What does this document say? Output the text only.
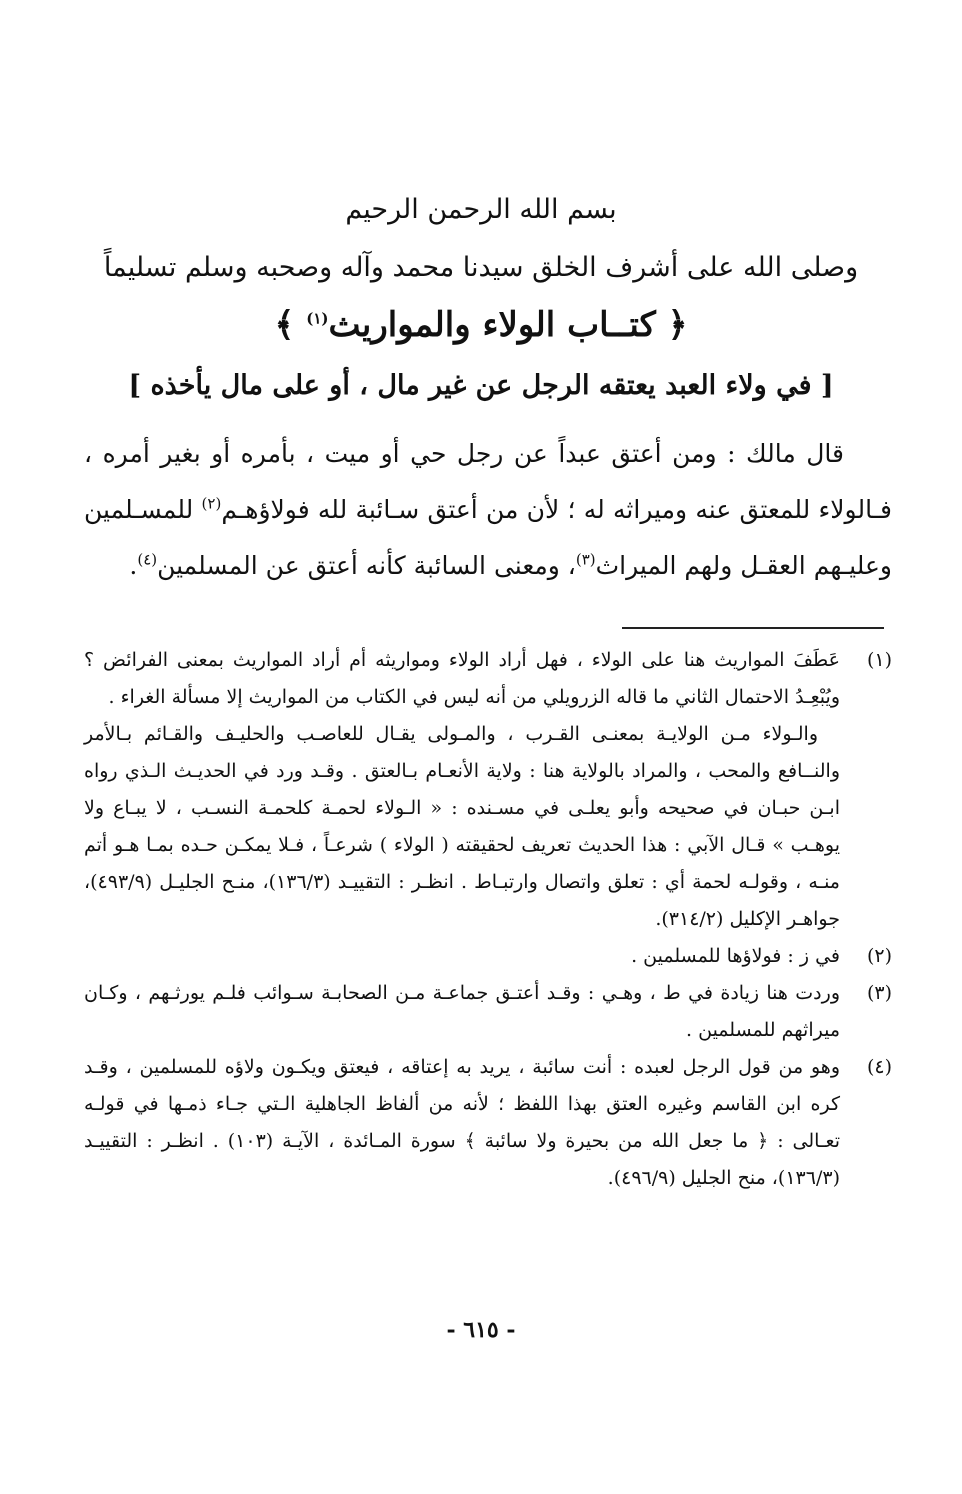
بسم الله الرحمن الرحيم
وصلى الله على أشرف الخلق سيدنا محمد وآله وصحبه وسلم تسليماً
﴿ كتــاب الولاء والمواريث$^{(١)}$ ﴾
[ في ولاء العبد يعتقه الرجل عن غير مال ، أو على مال يأخذه ]

قال مالك : ومن أعتق عبداً عن رجل حي أو ميت ، بأمره أو بغير أمره ، فـالولاء للمعتق عنه وميراثه له ؛ لأن من أعتق سـائبة لله فولاؤهـم$^{(٢)}$ للمسـلمين وعليـهم العقـل ولهم الميراث$^{(٣)}$، ومعنى السائبة كأنه أعتق عن المسلمين$^{(٤)}$.

(١)
عَطَفَ المواريث هنا على الولاء ، فهل أراد الولاء ومواريثه أم أراد المواريث بمعنى الفرائض ؟ ويُبْعِـدُ الاحتمال الثاني ما قاله الزرويلي من أنه ليس في الكتاب من المواريث إلا مسألة الغراء .

والـولاء مـن الولايـة بمعنـى القـرب ، والمـولى يقـال للعاصـب والحليـف والقـائم بـالأمر والنــافع والمحب ، والمراد بالولاية هنا : ولاية الأنعـام بـالعتق . وقـد ورد في الحديـث الـذي رواه ابـن حبـان في صحيحه وأبو يعلـى في مسـنده : « الـولاء لحمـة كلحمـة النسـب ، لا يبـاع ولا يوهـب » قـال الآبي : هذا الحديث تعريف لحقيقته ( الولاء ) شرعـاً ، فـلا يمكـن حـده بمـا هـو أتم منـه ، وقولـه لحمة أي : تعلق واتصال وارتبـاط . انظـر : التقييـد (١٣٦/٣)، منـح الجليـل (٤٩٣/٩)، جواهـر الإكليل (٣١٤/٢).

(٢)
في ز : فولاؤها للمسلمين .

(٣)
وردت هنا زيادة في ط ، وهـي : وقـد أعتـق جماعـة مـن الصحابـة سـوائب فلـم يورثـهم ، وكـان ميراثهم للمسلمين .

(٤)
وهو من قول الرجل لعبده : أنت سائبة ، يريد به إعتاقه ، فيعتق ويكـون ولاؤه للمسلمين ، وقـد كره ابن القاسم وغيره العتق بهذا اللفظ ؛ لأنه من ألفاظ الجاهلية الـتي جـاء ذمـها في قولـه تعـالى : ﴿ ما جعل الله من بحيرة ولا سائبة ﴾ سورة المـائدة ، الآيـة (١٠٣) . انظـر : التقييـد (١٣٦/٣)، منح الجليل (٤٩٦/٩).

- ٦١٥ -
